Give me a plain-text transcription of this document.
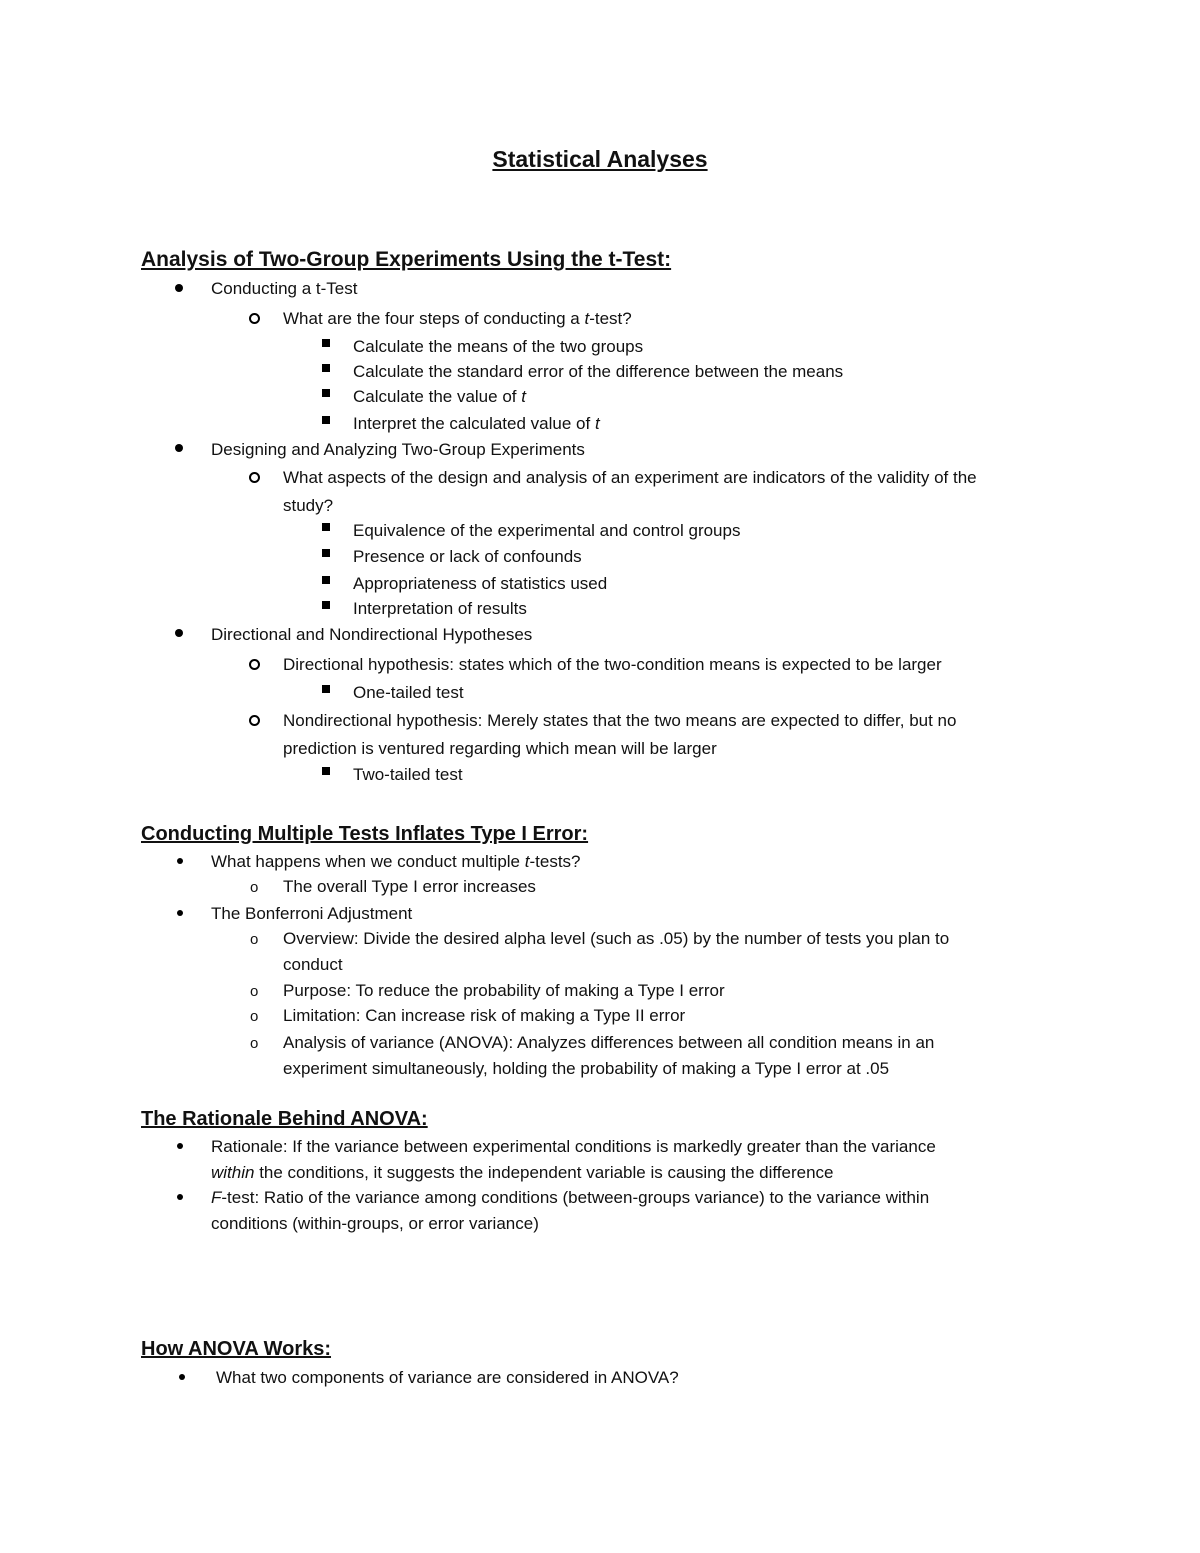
Statistical Analyses
Analysis of Two-Group Experiments Using the t-Test:
Conducting a t-Test
What are the four steps of conducting a t-test?
Calculate the means of the two groups
Calculate the standard error of the difference between the means
Calculate the value of t
Interpret the calculated value of t
Designing and Analyzing Two-Group Experiments
What aspects of the design and analysis of an experiment are indicators of the validity of the
study?
Equivalence of the experimental and control groups
Presence or lack of confounds
Appropriateness of statistics used
Interpretation of results
Directional and Nondirectional Hypotheses
Directional hypothesis: states which of the two-condition means is expected to be larger
One-tailed test
Nondirectional hypothesis: Merely states that the two means are expected to differ, but no
prediction is ventured regarding which mean will be larger
Two-tailed test
Conducting Multiple Tests Inflates Type I Error:
What happens when we conduct multiple t-tests?
o The overall Type I error increases
The Bonferroni Adjustment
o Overview: Divide the desired alpha level (such as .05) by the number of tests you plan to
conduct
o Purpose: To reduce the probability of making a Type I error
o Limitation: Can increase risk of making a Type II error
o Analysis of variance (ANOVA): Analyzes differences between all condition means in an
experiment simultaneously, holding the probability of making a Type I error at .05
The Rationale Behind ANOVA:
Rationale: If the variance between experimental conditions is markedly greater than the variance
within the conditions, it suggests the independent variable is causing the difference
F-test: Ratio of the variance among conditions (between-groups variance) to the variance within
conditions (within-groups, or error variance)
How ANOVA Works:
What two components of variance are considered in ANOVA?
